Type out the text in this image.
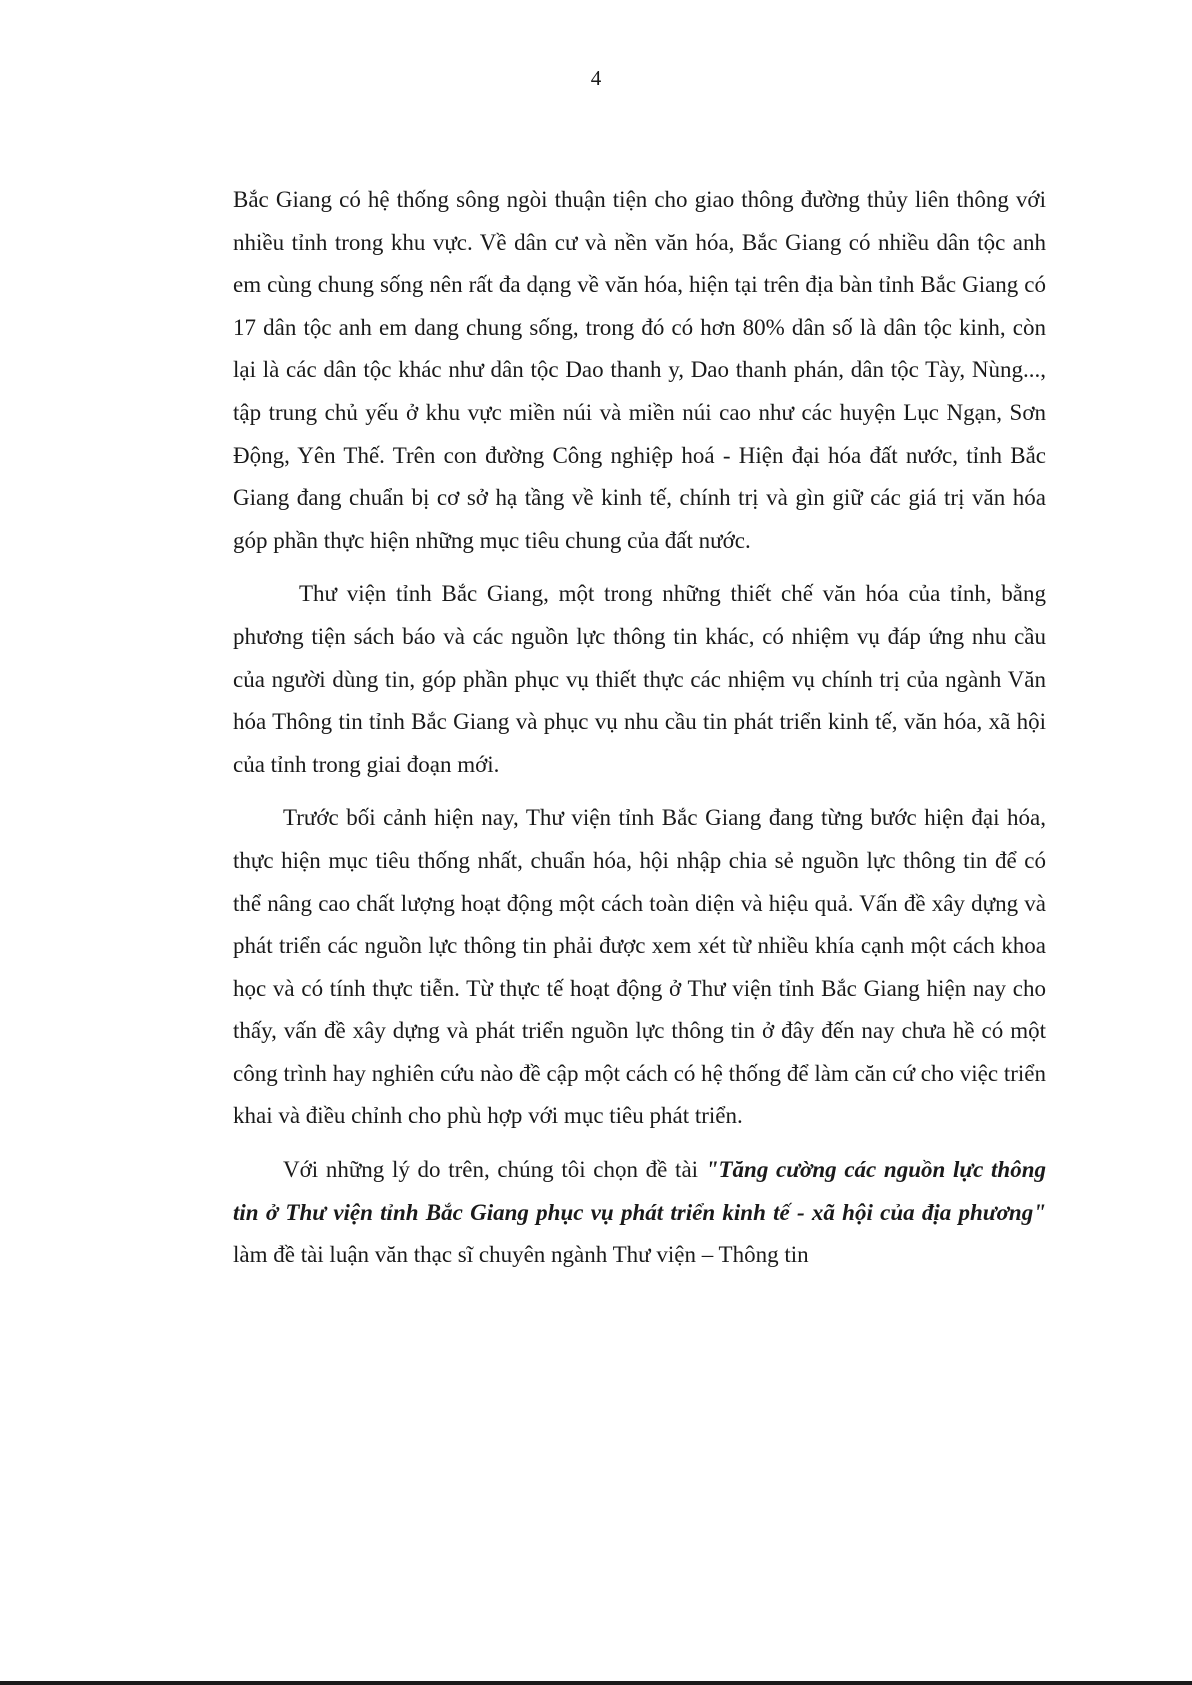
4

Bắc Giang có hệ thống sông ngòi thuận tiện cho giao thông đường thủy liên thông với nhiều tỉnh trong khu vực. Về dân cư và nền văn hóa, Bắc Giang có nhiều dân tộc anh em cùng chung sống nên rất đa dạng về văn hóa, hiện tại trên địa bàn tỉnh Bắc Giang có 17 dân tộc anh em dang chung sống, trong đó có hơn 80% dân số là dân tộc kinh, còn lại là các dân tộc khác như dân tộc Dao thanh y, Dao thanh phán, dân tộc Tày, Nùng..., tập trung chủ yếu ở khu vực miền núi và miền núi cao như các huyện Lục Ngạn, Sơn Động, Yên Thế. Trên con đường Công nghiệp hoá - Hiện đại hóa đất nước, tỉnh Bắc Giang đang chuẩn bị cơ sở hạ tầng về kinh tế, chính trị và gìn giữ các giá trị văn hóa góp phần thực hiện những mục tiêu chung của đất nước.

Thư viện tỉnh Bắc Giang, một trong những thiết chế văn hóa của tỉnh, bằng phương tiện sách báo và các nguồn lực thông tin khác, có nhiệm vụ đáp ứng nhu cầu của người dùng tin, góp phần phục vụ thiết thực các nhiệm vụ chính trị của ngành Văn hóa Thông tin tỉnh Bắc Giang và phục vụ nhu cầu tin phát triển kinh tế, văn hóa, xã hội của tỉnh trong giai đoạn mới.

Trước bối cảnh hiện nay, Thư viện tỉnh Bắc Giang đang từng bước hiện đại hóa, thực hiện mục tiêu thống nhất, chuẩn hóa, hội nhập chia sẻ nguồn lực thông tin để có thể nâng cao chất lượng hoạt động một cách toàn diện và hiệu quả. Vấn đề xây dựng và phát triển các nguồn lực thông tin phải được xem xét từ nhiều khía cạnh một cách khoa học và có tính thực tiễn. Từ thực tế hoạt động ở Thư viện tỉnh Bắc Giang hiện nay cho thấy, vấn đề xây dựng và phát triển nguồn lực thông tin ở đây đến nay chưa hề có một công trình hay nghiên cứu nào đề cập một cách có hệ thống để làm căn cứ cho việc triển khai và điều chỉnh cho phù hợp với mục tiêu phát triển.

Với những lý do trên, chúng tôi chọn đề tài "Tăng cường các nguồn lực thông tin ở Thư viện tỉnh Bắc Giang phục vụ phát triển kinh tế - xã hội của địa phương" làm đề tài luận văn thạc sĩ chuyên ngành Thư viện – Thông tin
